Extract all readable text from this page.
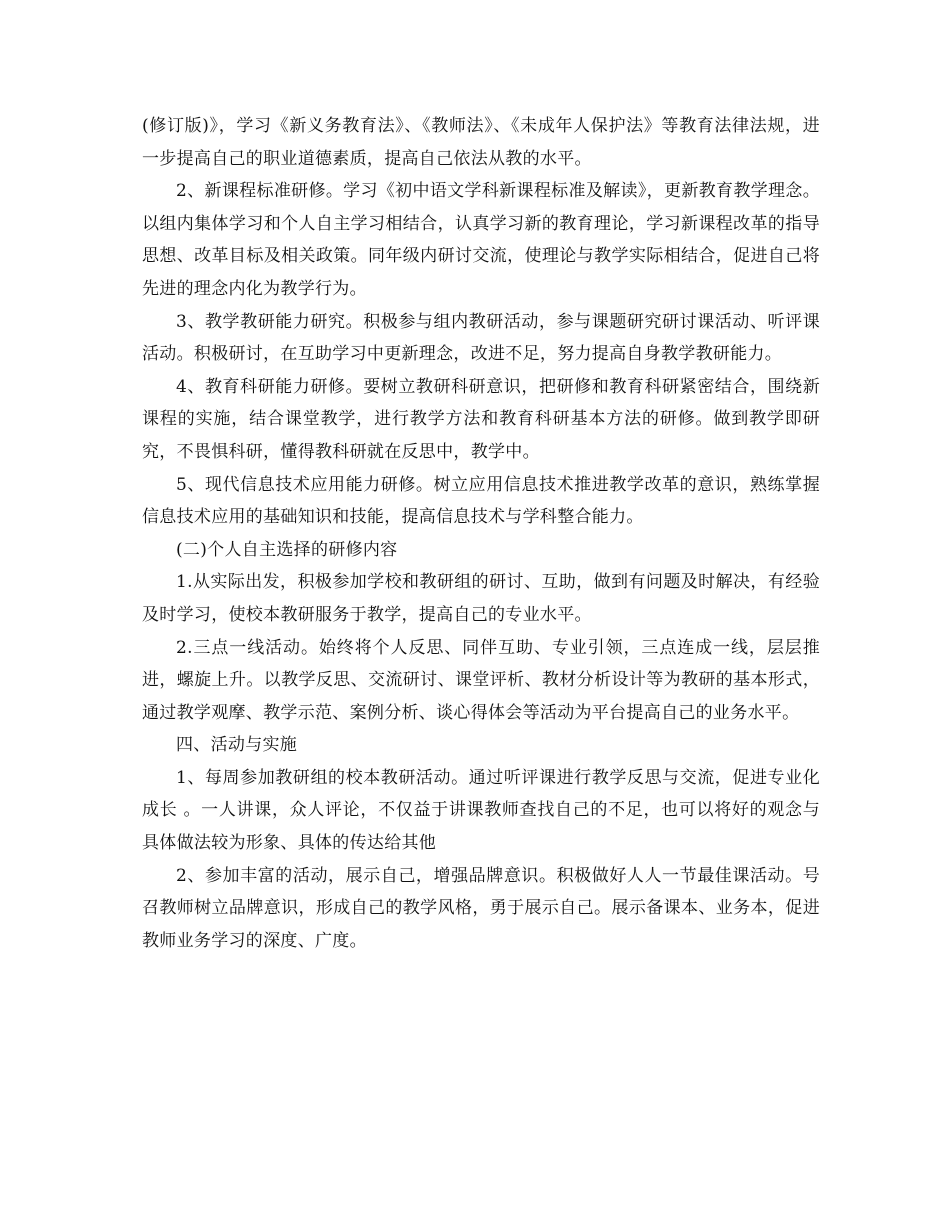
(修订版)》，学习《新义务教育法》、《教师法》、《未成年人保护法》等教育法律法规，进一步提高自己的职业道德素质，提高自己依法从教的水平。

2、新课程标准研修。学习《初中语文学科新课程标准及解读》，更新教育教学理念。以组内集体学习和个人自主学习相结合，认真学习新的教育理论，学习新课程改革的指导思想、改革目标及相关政策。同年级内研讨交流，使理论与教学实际相结合，促进自己将先进的理念内化为教学行为。

3、教学教研能力研究。积极参与组内教研活动，参与课题研究研讨课活动、听评课活动。积极研讨，在互助学习中更新理念，改进不足，努力提高自身教学教研能力。

4、教育科研能力研修。要树立教研科研意识，把研修和教育科研紧密结合，围绕新课程的实施，结合课堂教学，进行教学方法和教育科研基本方法的研修。做到教学即研究，不畏惧科研，懂得教科研就在反思中，教学中。

5、现代信息技术应用能力研修。树立应用信息技术推进教学改革的意识，熟练掌握信息技术应用的基础知识和技能，提高信息技术与学科整合能力。

(二)个人自主选择的研修内容

1.从实际出发，积极参加学校和教研组的研讨、互助，做到有问题及时解决，有经验及时学习，使校本教研服务于教学，提高自己的专业水平。

2.三点一线活动。始终将个人反思、同伴互助、专业引领，三点连成一线，层层推进，螺旋上升。以教学反思、交流研讨、课堂评析、教材分析设计等为教研的基本形式，通过教学观摩、教学示范、案例分析、谈心得体会等活动为平台提高自己的业务水平。

四、活动与实施

1、每周参加教研组的校本教研活动。通过听评课进行教学反思与交流，促进专业化成长 。一人讲课，众人评论，不仅益于讲课教师查找自己的不足，也可以将好的观念与具体做法较为形象、具体的传达给其他

2、参加丰富的活动，展示自己，增强品牌意识。积极做好人人一节最佳课活动。号召教师树立品牌意识，形成自己的教学风格，勇于展示自己。展示备课本、业务本，促进教师业务学习的深度、广度。
